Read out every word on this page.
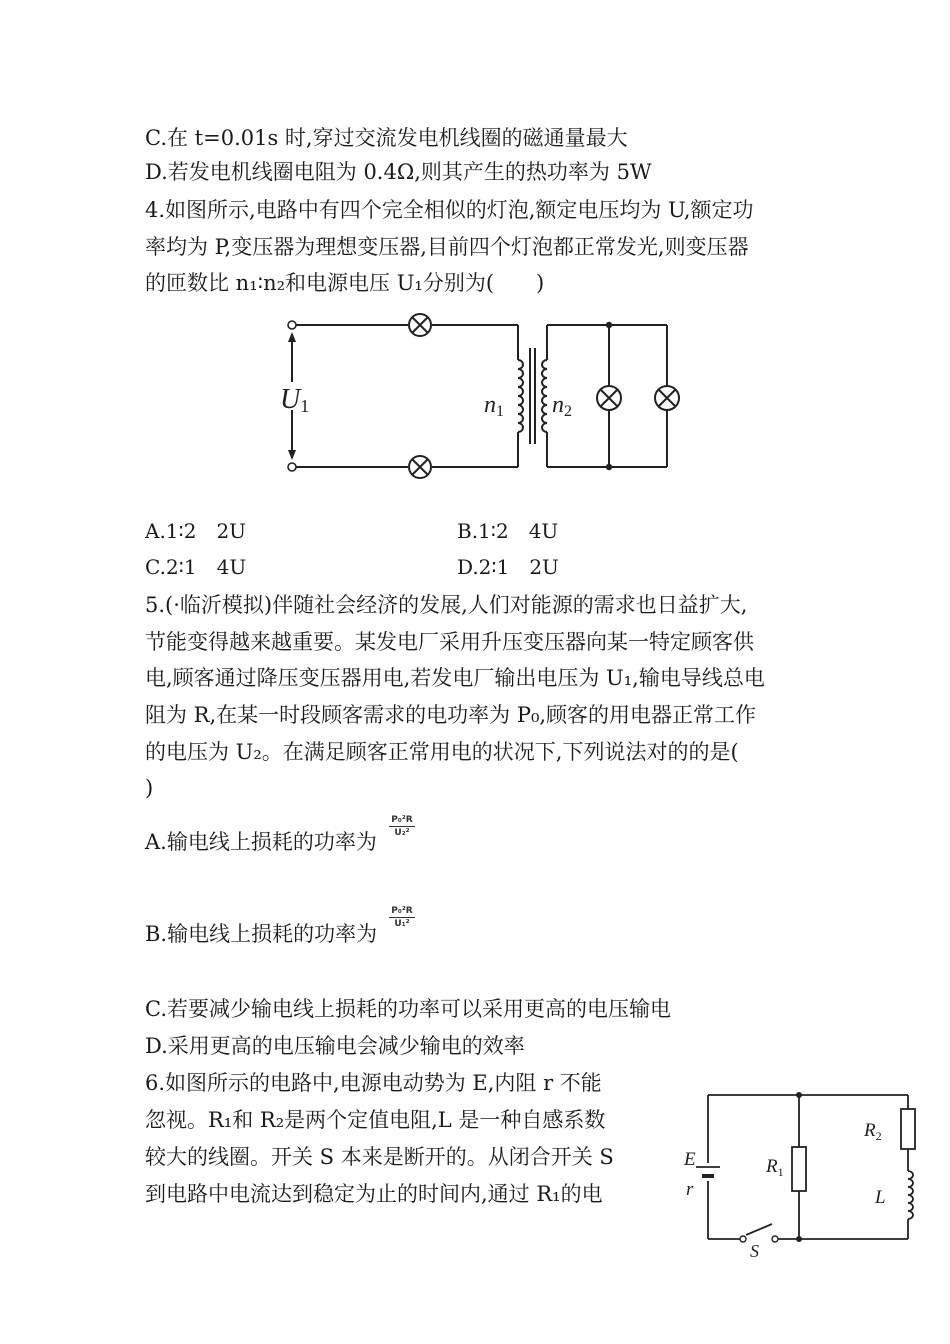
C.在 t=0.01s 时,穿过交流发电机线圈的磁通量最大
D.若发电机线圈电阻为 0.4Ω,则其产生的热功率为 5W
4.如图所示,电路中有四个完全相似的灯泡,额定电压均为 U,额定功
率均为 P,变压器为理想变压器,目前四个灯泡都正常发光,则变压器
的匝数比 n₁∶n₂和电源电压 U₁分别为(　　)
U1	n1 n2
A.1∶2　2U	B.1∶2　4U
C.2∶1　4U	D.2∶1　2U
5.(·临沂模拟)伴随社会经济的发展,人们对能源的需求也日益扩大,
节能变得越来越重要。某发电厂采用升压变压器向某一特定顾客供
电,顾客通过降压变压器用电,若发电厂输出电压为 U₁,输电导线总电
阻为 R,在某一时段顾客需求的电功率为 P₀,顾客的用电器正常工作
的电压为 U₂。在满足顾客正常用电的状况下,下列说法对的的是(
)
A.输电线上损耗的功率为
P₀²R
U₂²
B.输电线上损耗的功率为
P₀²R
U₁²
C.若要减少输电线上损耗的功率可以采用更高的电压输电
D.采用更高的电压输电会减少输电的效率
6.如图所示的电路中,电源电动势为 E,内阻 r 不能
忽视。R₁和 R₂是两个定值电阻,L 是一种自感系数
较大的线圈。开关 S 本来是断开的。从闭合开关 S
到电路中电流达到稳定为止的时间内,通过 R₁的电
E
r
$R_1$
$R_2$
L
S
